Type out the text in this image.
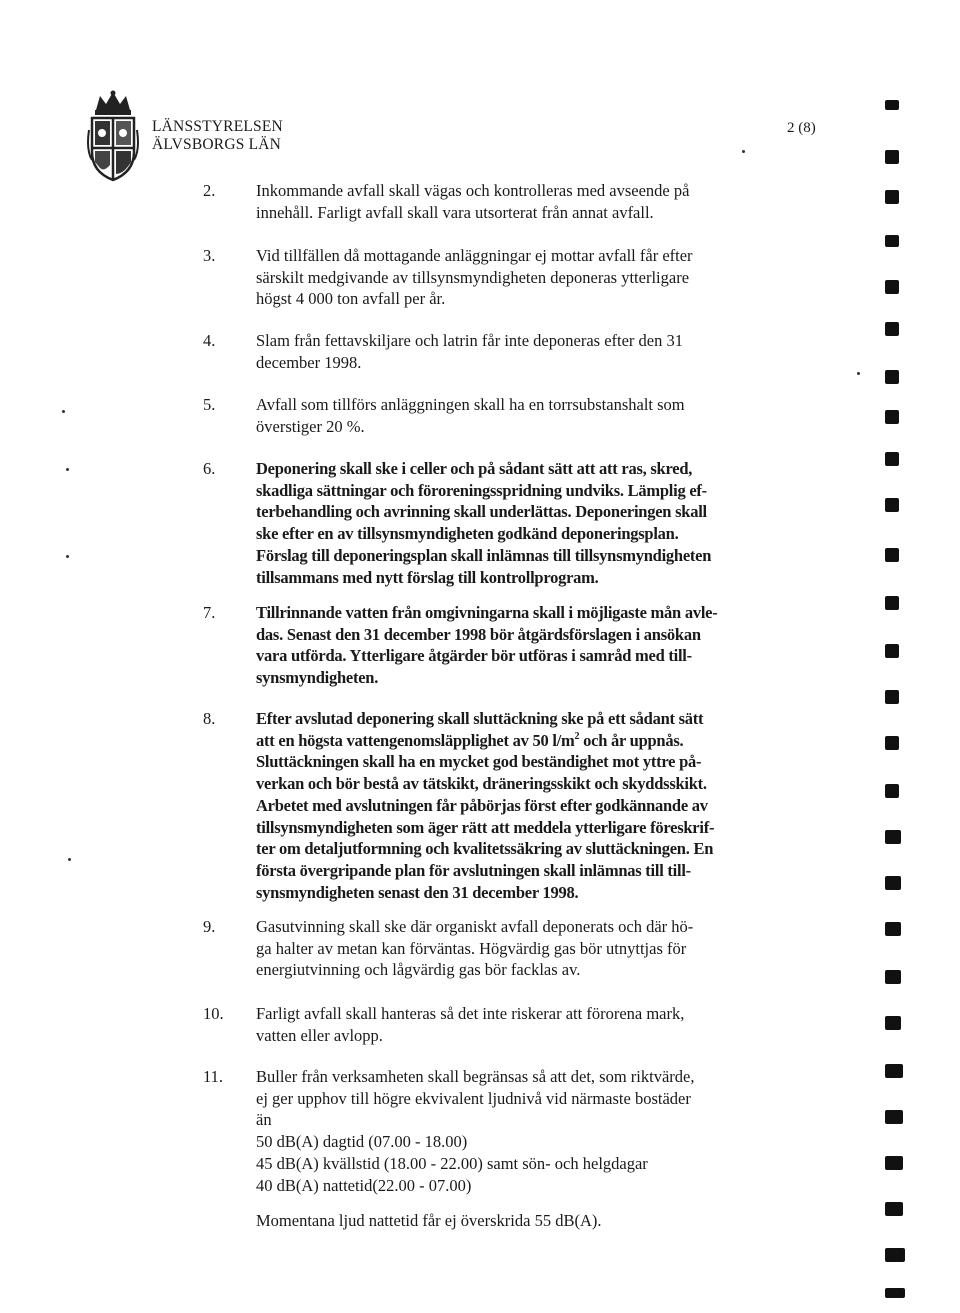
LÄNSSTYRELSEN
ÄLVSBORGS LÄN
2 (8)
2. Inkommande avfall skall vägas och kontrolleras med avseende på
innehåll. Farligt avfall skall vara utsorterat från annat avfall.
3. Vid tillfällen då mottagande anläggningar ej mottar avfall får efter
särskilt medgivande av tillsynsmyndigheten deponeras ytterligare
högst 4 000 ton avfall per år.
4. Slam från fettavskiljare och latrin får inte deponeras efter den 31
december 1998.
5. Avfall som tillförs anläggningen skall ha en torrsubstanshalt som
överstiger 20 %.
6. Deponering skall ske i celler och på sådant sätt att att ras, skred,
skadliga sättningar och föroreningsspridning undviks. Lämplig ef-
terbehandling och avrinning skall underlättas. Deponeringen skall
ske efter en av tillsynsmyndigheten godkänd deponeringsplan.
Förslag till deponeringsplan skall inlämnas till tillsynsmyndigheten
tillsammans med nytt förslag till kontrollprogram.
7. Tillrinnande vatten från omgivningarna skall i möjligaste mån avle-
das. Senast den 31 december 1998 bör åtgärdsförslagen i ansökan
vara utförda. Ytterligare åtgärder bör utföras i samråd med till-
synsmyndigheten.
8. Efter avslutad deponering skall sluttäckning ske på ett sådant sätt
att en högsta vattengenomsläpplighet av 50 $l/m^2$ och år uppnås.
Sluttäckningen skall ha en mycket god beständighet mot yttre på-
verkan och bör bestå av tätskikt, dräneringsskikt och skyddsskikt.
Arbetet med avslutningen får påbörjas först efter godkännande av
tillsynsmyndigheten som äger rätt att meddela ytterligare föreskrif-
ter om detaljutformning och kvalitetssäkring av sluttäckningen. En
första övergripande plan för avslutningen skall inlämnas till till-
synsmyndigheten senast den 31 december 1998.
9. Gasutvinning skall ske där organiskt avfall deponerats och där hö-
ga halter av metan kan förväntas. Högvärdig gas bör utnyttjas för
energiutvinning och lågvärdig gas bör facklas av.
10. Farligt avfall skall hanteras så det inte riskerar att förorena mark,
vatten eller avlopp.
11. Buller från verksamheten skall begränsas så att det, som riktvärde,
ej ger upphov till högre ekvivalent ljudnivå vid närmaste bostäder
än
50 dB(A) dagtid (07.00 - 18.00)
45 dB(A) kvällstid (18.00 - 22.00) samt sön- och helgdagar
40 dB(A) nattetid(22.00 - 07.00)
Momentana ljud nattetid får ej överskrida 55 dB(A).
